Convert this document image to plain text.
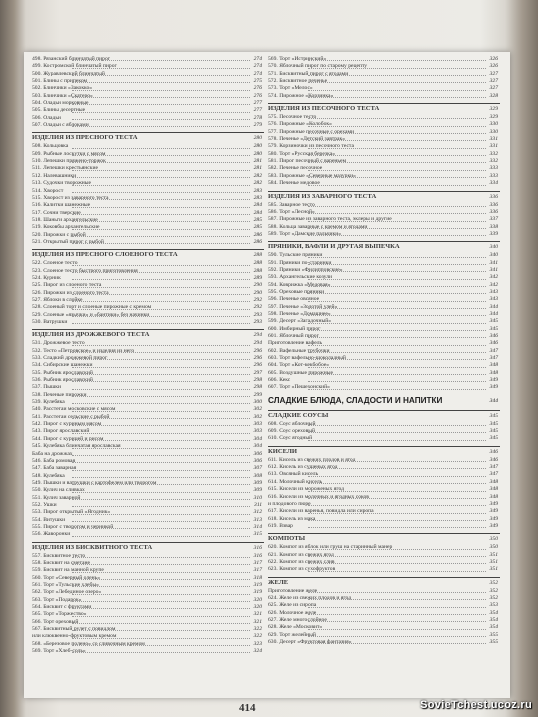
498. Рязанский блинчатый пирог	274
499. Костромской блинчатый пирог	274
500. Журавлевский блинчатый	274
501. Блины с припеком	275
502. Блинчики «Закокко»	276
503. Блинчики «Скатеро»	276
504. Оладьи морковные	277
505. Блины десертные	277
506. Оладьи	278
507. Оладьи с яблоками	279
ИЗДЕЛИЯ ИЗ ПРЕСНОГО ТЕСТА	280
508. Кольцовка	280
509. Рыбные лоскутки с мясом	280
510. Лепешки пряжено-торжок	281
511. Лепешки крестьянские	281
512. Налевашники	282
513. Судочки творожные	282
514. Хворост	283
515. Хворост из заварного теста	283
516. Калитки шанежные	284
517. Сочни тверские	284
518. Шаньги архангельские	285
519. Коковбы архангельские	285
520. Пирожки с рыбой	286
521. Открытый пирог с рыбой	286
ИЗДЕЛИЯ ИЗ ПРЕСНОГО СЛОЕНОГО ТЕСТА	288
522. Слоеное тесто	288
523. Слоеное тесто быстрого приготовления	288
524. Курник	289
525. Пирог из слоеного теста	290
526. Пирожки из слоеного теста	290
527. Яблоки в слойке	292
528. Слоеный торт и слоеные пирожные с кремом	292
529. Слоеные «язычки» и «бантики» без начинки	293
530. Ватрушки	293
ИЗДЕЛИЯ ИЗ ДРОЖЖЕВОГО ТЕСТА	294
531. Дрожжевое тесто	294
532. Тесто «Петровское» и изделия из него	296
533. Сладкий дрожжевой пирог	296
534. Сибирские шанежки	296
535. Рыбник ярославский	297
536. Рыбник ярославский	298
537. Пышки	298
538. Печеные пирожки	299
539. Кулебяка	300
540. Расстегаи московские с мясом	302
541. Расстегаи сельские с рыбой	302
542. Пирог с куриным мясом	303
543. Пирог ярославский	303
544. Пирог с курицей и рисом	304
545. Кулебяка блинчатая ярославская	304
Баба на дрожжах	306
546. Баба ромовая	306
547. Баба заварная	307
548. Кулебяка	308
549. Пышки и ватрушки с картофелем или творогом	309
550. Кулич на сливках	309
551. Кулич заварной	310
552. Ушки	311
553. Пирог открытый «Ягодник»	312
554. Витушки	313
555. Пирог с творогом и черникой	314
556. Жаворонки	315
ИЗДЕЛИЯ ИЗ БИСКВИТНОГО ТЕСТА	316
557. Бисквитное тесто	316
558. Бисквит на сметане	317
559. Бисквит на манной крупе	317
560. Торт «Северный олень»	318
561. Торт «Тульские хлебы»	319
562. Торт «Лебединое озеро»	319
563. Торт «Подарок»	320
564. Бисквит с фруктами	320
565. Торт «Торжество»	321
566. Торт ореховый	321
567. Бисквитный рулет с повидлом	322
или клюквенно-фруктовым кремом	322
568. «Березовое полено» со сливочным кремом	323
569. Торт «Хлеб-соль»	324
569. Торт «Истринский»	326
570. Яблочный пирог по старому рецепту	326
571. Бисквитный пирог с ягодами	327
572. Бисквитное печенье	327
573. Торт «Мелос»	327
574. Пирожное «Корзинка»	328
ИЗДЕЛИЯ ИЗ ПЕСОЧНОГО ТЕСТА	329
575. Песочное тесто	329
576. Пирожные «Колобок»	330
577. Пирожные песочные с орехами	330
578. Печенье «Детский завтрак»	331
579. Корзиночки из песочного теста	331
580. Торт «Русская березка»	332
581. Пирог песочный с вареньем	332
582. Печенье песочное	333
583. Пирожные «Северные мазурки»	333
584. Печенье медовое	334
ИЗДЕЛИЯ ИЗ ЗАВАРНОГО ТЕСТА	336
585. Заварное тесто	336
586. Торт «Лесной»	336
587. Пирожные из заварного теста, эклеры и другие	337
588. Кольца заварные с кремом и ягодами	338
589. Торт «Дамские пальчики»	339
ПРЯНИКИ, ВАФЛИ И ДРУГАЯ ВЫПЕЧКА	340
590. Тульские пряники	340
591. Пряники по-старинки	341
592. Пряники «Филипповские»	341
593. Архангельские козули	342
594. Коврижка «Медовая»	342
595. Ореховые пряники	343
596. Печенье овсяное	343
597. Печенье «Золотой улей»	344
598. Печенье «Домашнее»	344
599. Десерт «Загадочный»	345
600. Имбирный пирог	345
601. Яблочный пирог	346
Приготовление вафель	346
602. Вафельные трубочки	347
603. Торт вафельно-шоколадный	347
604. Торт «Кот-кекбобое»	348
605. Воздушные пирожные	348
606. Кекс	349
607. Торт «Пешехонский»	349
СЛАДКИЕ БЛЮДА, СЛАДОСТИ И НАПИТКИ	344
СЛАДКИЕ СОУСЫ	345
608. Соус яблочный	345
609. Соус ореховый	345
610. Соус ягодный	345
КИСЕЛИ	346
611. Кисель из свежих плодов и ягод	346
612. Кисель из сушеных ягод	347
613. Овсяный кисель	347
614. Молочный кисель	348
615. Кисели из мороженых ягод	348
616. Кисели из молочных и ягодных соков	348
и плодового пюре	349
617. Кисели из варенья, повидла или сиропа	349
618. Кисель из мака	349
619. Взвар	349
КОМПОТЫ	350
620. Компот из яблок или груш на старинный манер	350
621. Компот из свежих ягод	351
622. Компот из свежих слив	351
623. Компот из сухофруктов	351
ЖЕЛЕ	352
Приготовление желе	352
624. Желе из свежих плодов и ягод	352
625. Желе из сиропа	353
626. Молочное желе	354
627. Желе многослойное	354
628. Желе «Московит»	354
629. Торт желейный	355
630. Десерт «Фруктовая фантазия»	355
414	SovieTchest.ucoz.ru
